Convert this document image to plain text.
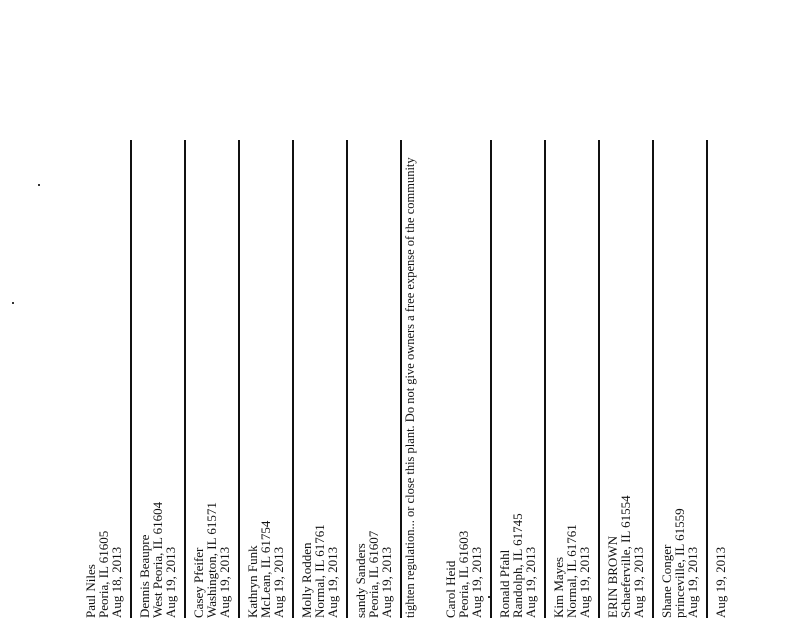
Aug 19, 2013
Shane Conger
princeville, IL 61559
Aug 19, 2013
ERIN BROWN
Schaeferville, IL 61554
Aug 19, 2013
Kim Mayes
Normal, IL 61761
Aug 19, 2013
Ronald Pfahl
Randolph, IL 61745
Aug 19, 2013
Carol Heid
Peoria, IL 61603
Aug 19, 2013
tighten regulation... or close this plant. Do not give owners a free expense of the community
sandy Sanders
Peoria, IL 61607
Aug 19, 2013
Molly Rodden
Normal, IL 61761
Aug 19, 2013
Kathryn Funk
McLean, IL 61754
Aug 19, 2013
Casey Pfeifer
Washington, IL 61571
Aug 19, 2013
Dennis Beaupre
West Peoria, IL 61604
Aug 19, 2013
Paul Niles
Peoria, IL 61605
Aug 18, 2013
